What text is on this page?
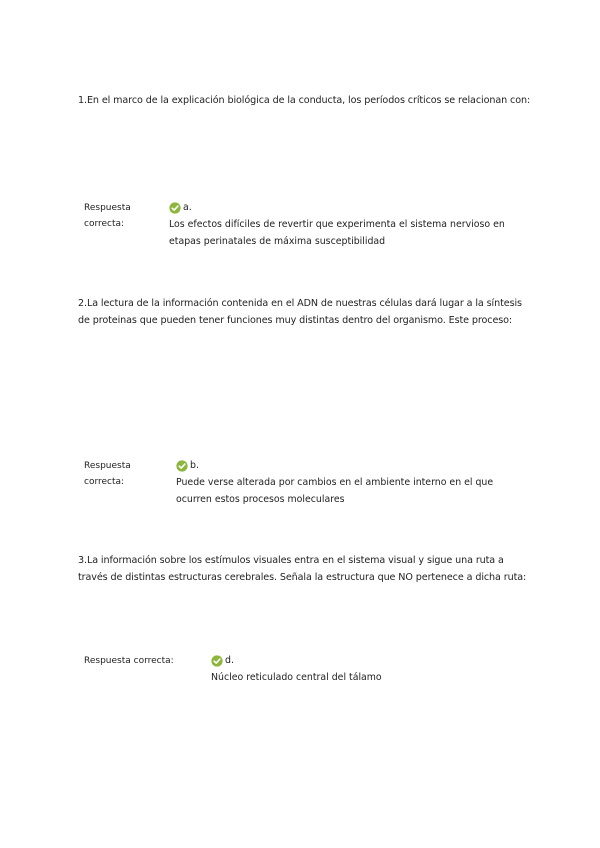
1.En el marco de la explicación biológica de la conducta, los períodos críticos se relacionan con:
Respuesta correcta:
a.
Los efectos difíciles de revertir que experimenta el sistema nervioso en etapas perinatales de máxima susceptibilidad
2.La lectura de la información contenida en el ADN de nuestras células dará lugar a la síntesis de proteinas que pueden tener funciones muy distintas dentro del organismo. Este proceso:
Respuesta correcta:
b.
Puede verse alterada por cambios en el ambiente interno en el que ocurren estos procesos moleculares
3.La información sobre los estímulos visuales entra en el sistema visual y sigue una ruta a través de distintas estructuras cerebrales. Señala la estructura que NO pertenece a dicha ruta:
Respuesta correcta:	d.
Núcleo reticulado central del tálamo
